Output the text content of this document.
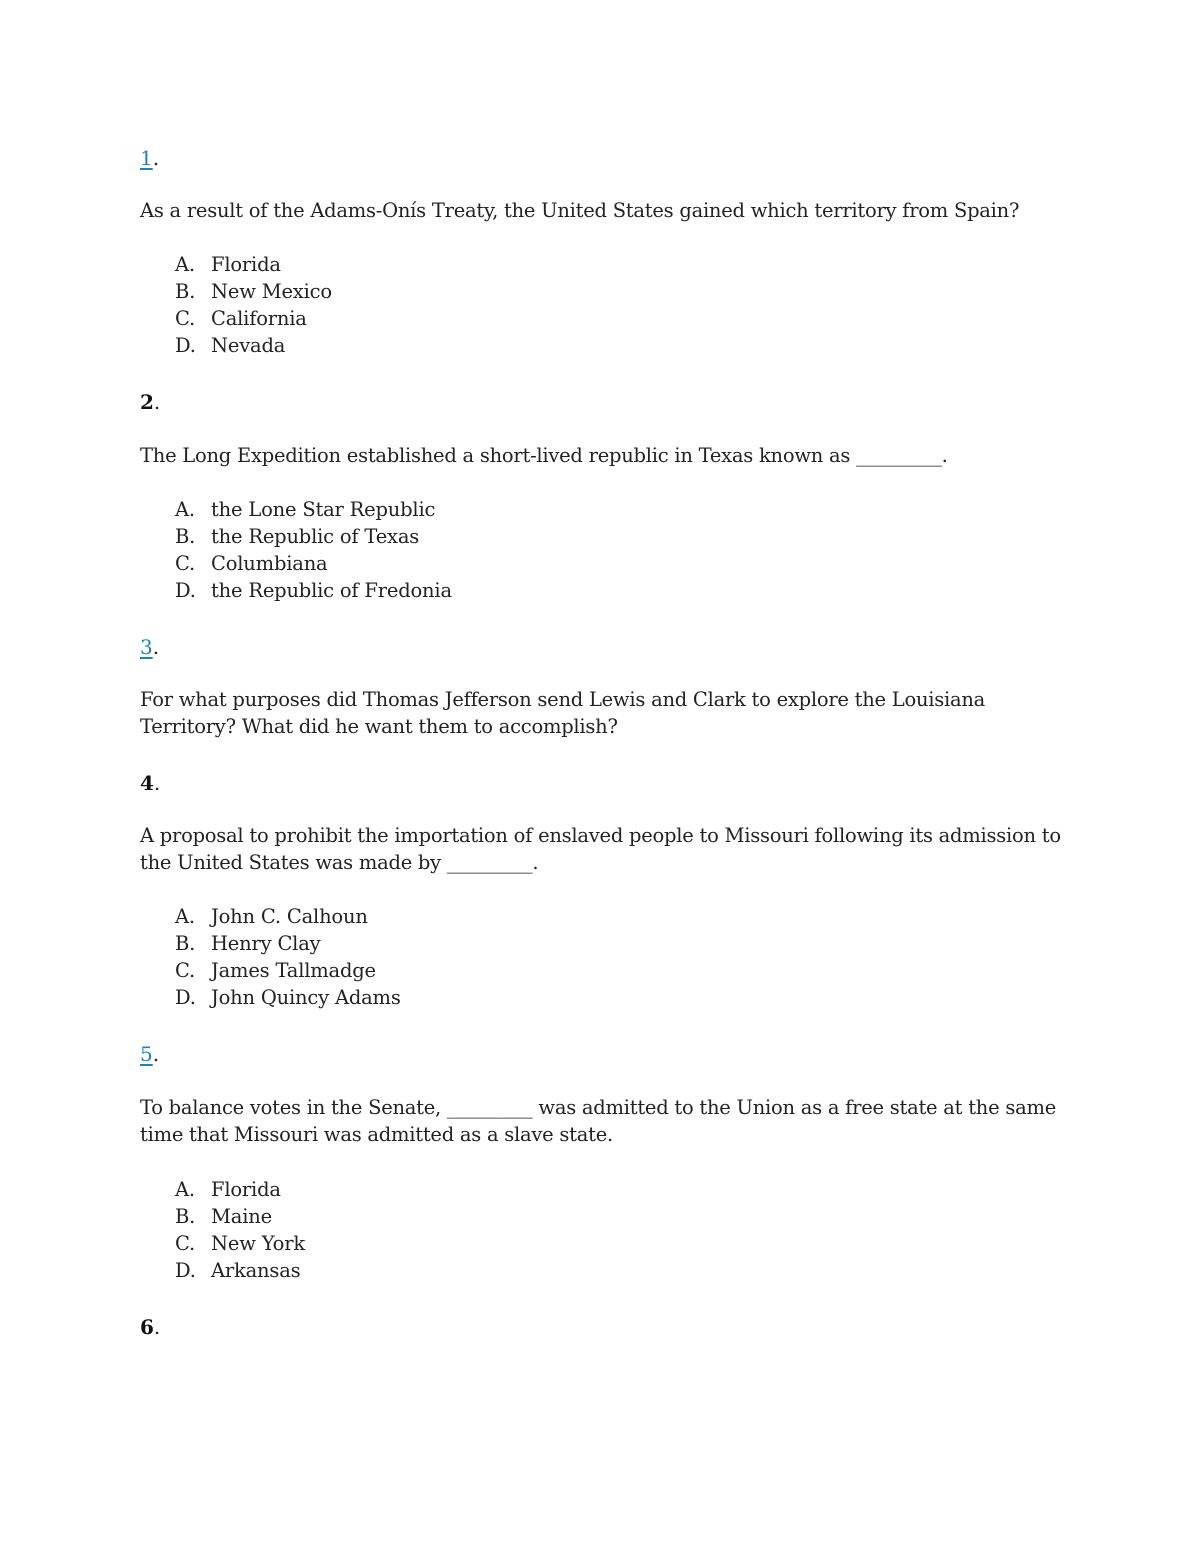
1.

As a result of the Adams-Onís Treaty, the United States gained which territory from Spain?

A. Florida
B. New Mexico
C. California
D. Nevada

2.

The Long Expedition established a short-lived republic in Texas known as _________.

A. the Lone Star Republic
B. the Republic of Texas
C. Columbiana
D. the Republic of Fredonia

3.

For what purposes did Thomas Jefferson send Lewis and Clark to explore the Louisiana Territory? What did he want them to accomplish?

4.

A proposal to prohibit the importation of enslaved people to Missouri following its admission to the United States was made by _________.

A. John C. Calhoun
B. Henry Clay
C. James Tallmadge
D. John Quincy Adams

5.

To balance votes in the Senate, _________ was admitted to the Union as a free state at the same time that Missouri was admitted as a slave state.

A. Florida
B. Maine
C. New York
D. Arkansas

6.
